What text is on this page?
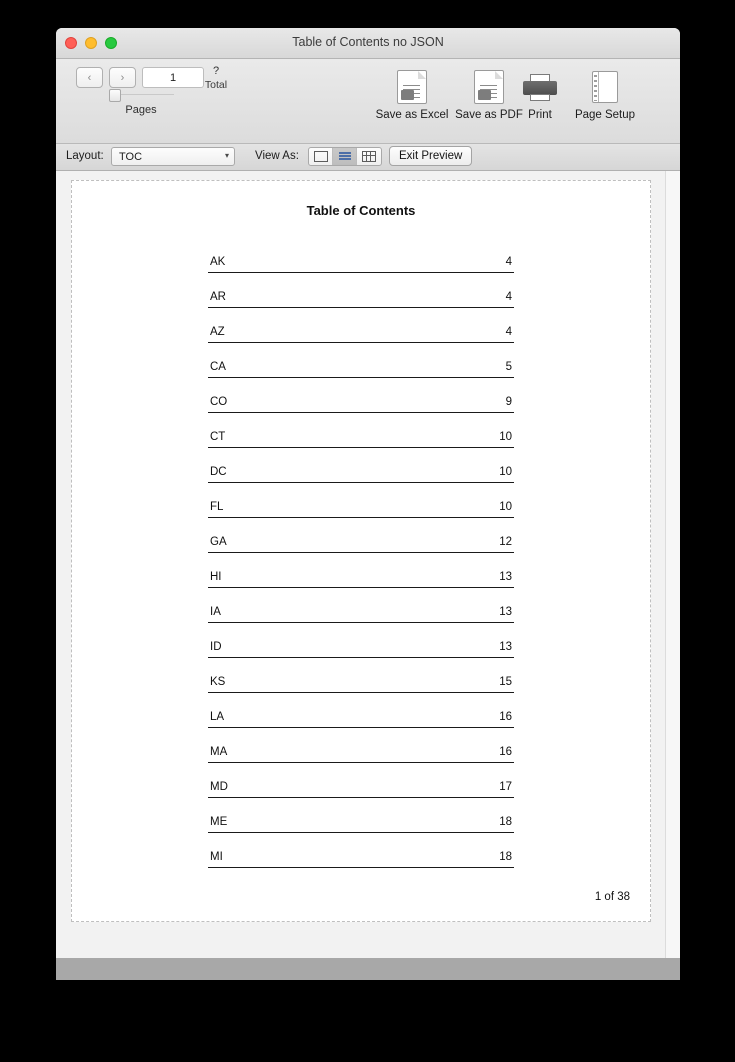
Table of Contents no JSON
‹	›	1
Pages
?
Total
Save as Excel Save as PDF Print	Page Setup
Layout: TOC	▾ View As:	Exit Preview
Table of Contents
AK	4
AR	4
AZ	4
CA	5
CO	9
CT	10
DC	10
FL	10
GA	12
HI	13
IA	13
ID	13
KS	15
LA	16
MA	16
MD	17
ME	18
MI	18
1 of 38
